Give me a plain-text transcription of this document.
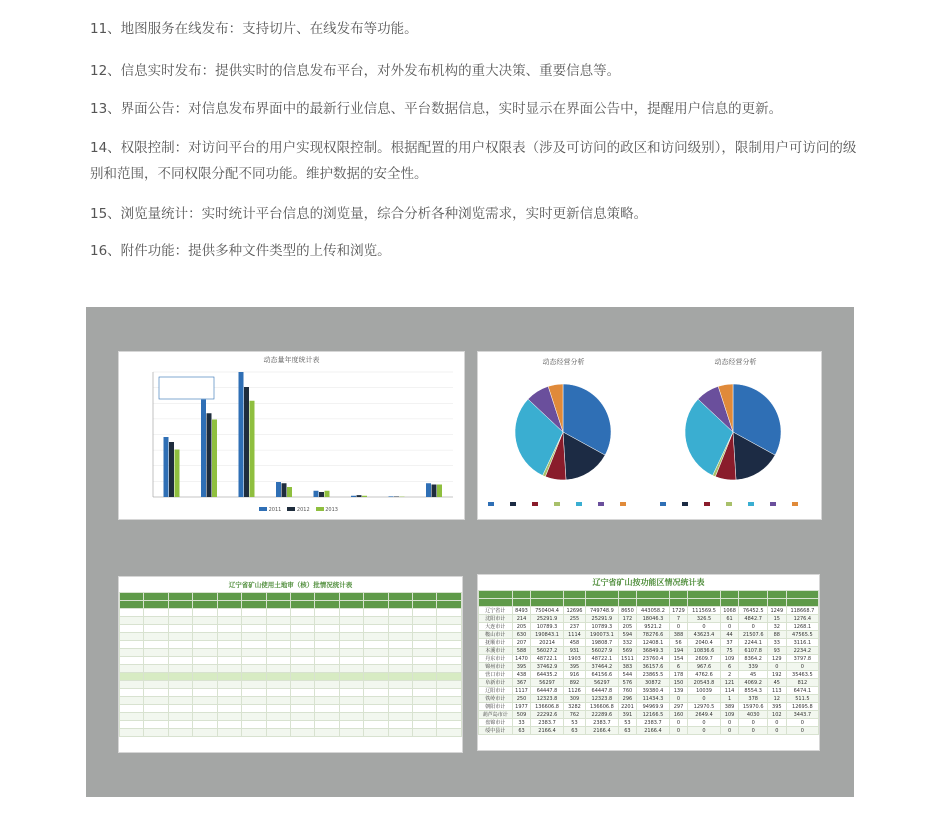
11、地图服务在线发布：支持切片、在线发布等功能。
12、信息实时发布：提供实时的信息发布平台，对外发布机构的重大决策、重要信息等。
13、界面公告：对信息发布界面中的最新行业信息、平台数据信息，实时显示在界面公告中，提醒用户信息的更新。
14、权限控制：对访问平台的用户实现权限控制。根据配置的用户权限表（涉及可访问的政区和访问级别），限制用户可访问的级别和范围，不同权限分配不同功能。维护数据的安全性。
15、浏览量统计：实时统计平台信息的浏览量，综合分析各种浏览需求，实时更新信息策略。
16、附件功能：提供多种文件类型的上传和浏览。
动态量年度统计表
2011	2012	2013
动态经营分析	动态经营分析
辽宁省矿山使用土地审（核）批情况统计表

														辽宁省矿山按功能区情况统计表

辽宁省计	8493	750404.4	12696	749748.9	8650	443058.2	1729	111569.5	1068	76452.5	1249	118668.7
沈阳市计	214	25291.9	255	25291.9	172	18046.3	7	326.5	61	4842.7	15	1276.4
大连市计	205	10789.3	237	10789.3	205	9521.2	0	0	0	0	32	1268.1
鞍山市计	630	190843.1	1114	190073.1	594	78276.6	388	43623.4	44	21507.6	88	47565.5
抚顺市计	207	20214	458	19808.7	332	12408.1	56	2040.4	37	2244.1	33	3116.1
本溪市计	588	56027.2	931	56027.9	569	36849.3	194	10836.6	75	6107.8	93	2234.2
丹东市计	1470	48722.1	1903	48722.1	1511	23760.4	154	2609.7	109	8364.2	129	3797.8
锦州市计	395	37462.9	395	37464.2	383	36157.6	6	967.6	6	339	0	0
营口市计	438	64435.2	916	64156.6	544	23865.5	178	4762.6	2	45	192	35463.5
阜新市计	367	56297	892	56297	576	30872	150	20543.8	121	4069.2	45	812
辽阳市计	1117	64447.8	1126	64447.8	760	39380.4	139	10039	114	8554.3	113	6474.1
铁岭市计	250	12323.8	309	12323.8	296	11434.3	0	0	1	378	12	511.5
朝阳市计	1977	136606.8	3282	136606.8	2201	94969.9	297	12970.5	389	15970.6	395	12695.8
葫芦岛市计	509	22292.6	762	22289.6	391	12166.5	160	2649.4	109	4030	102	3443.7
盘锦市计	33	2383.7	53	2383.7	53	2383.7	0	0	0	0	0	0
绥中县计	63	2166.4	63	2166.4	63	2166.4	0	0	0	0	0	0
